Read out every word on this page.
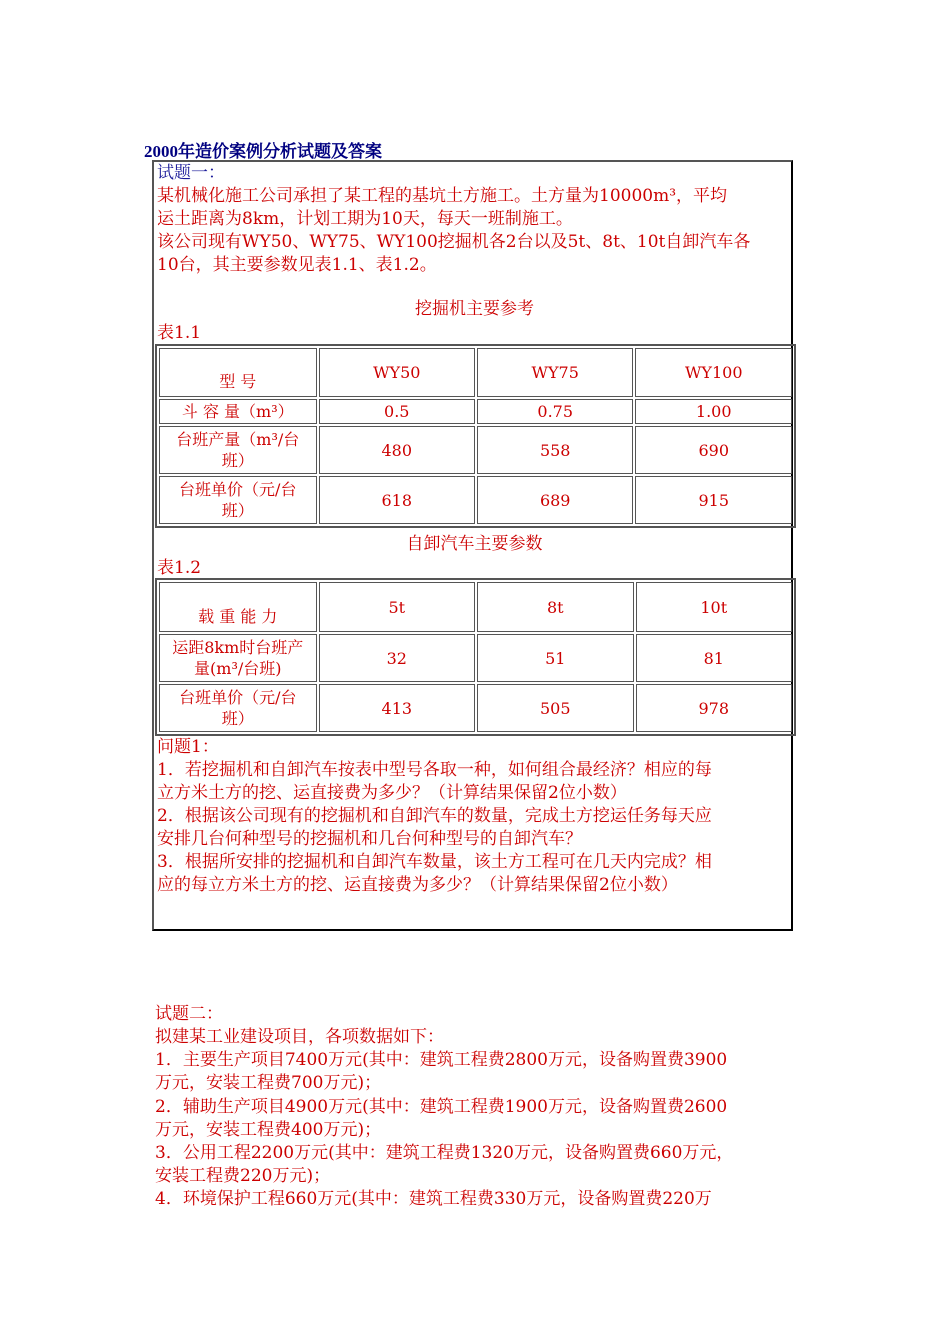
2000年造价案例分析试题及答案
试题一：
某机械化施工公司承担了某工程的基坑土方施工。土方量为10000m³，平均
运土距离为8km，计划工期为10天，每天一班制施工。
该公司现有WY50、WY75、WY100挖掘机各2台以及5t、8t、10t自卸汽车各
10台，其主要参数见表1.1、表1.2。
挖掘机主要参考
表1.1
型 号	WY50	WY75	WY100
斗 容 量（m³）	0.5	0.75	1.00
台班产量（m³/台班）	480	558	690
台班单价（元/台班）	618	689	915
自卸汽车主要参数
表1.2
载 重 能 力	5t	8t	10t
运距8km时台班产量(m³/台班)	32	51	81
台班单价（元/台班）	413	505	978
问题1：
1．若挖掘机和自卸汽车按表中型号各取一种，如何组合最经济？相应的每
立方米土方的挖、运直接费为多少？（计算结果保留2位小数）
2．根据该公司现有的挖掘机和自卸汽车的数量，完成土方挖运任务每天应
安排几台何种型号的挖掘机和几台何种型号的自卸汽车？
3．根据所安排的挖掘机和自卸汽车数量，该土方工程可在几天内完成？相
应的每立方米土方的挖、运直接费为多少？（计算结果保留2位小数）
试题二：
拟建某工业建设项目，各项数据如下：
1．主要生产项目7400万元(其中：建筑工程费2800万元，设备购置费3900
万元，安装工程费700万元)；
2．辅助生产项目4900万元(其中：建筑工程费1900万元，设备购置费2600
万元，安装工程费400万元)；
3．公用工程2200万元(其中：建筑工程费1320万元，设备购置费660万元，
安装工程费220万元)；
4．环境保护工程660万元(其中：建筑工程费330万元，设备购置费220万
